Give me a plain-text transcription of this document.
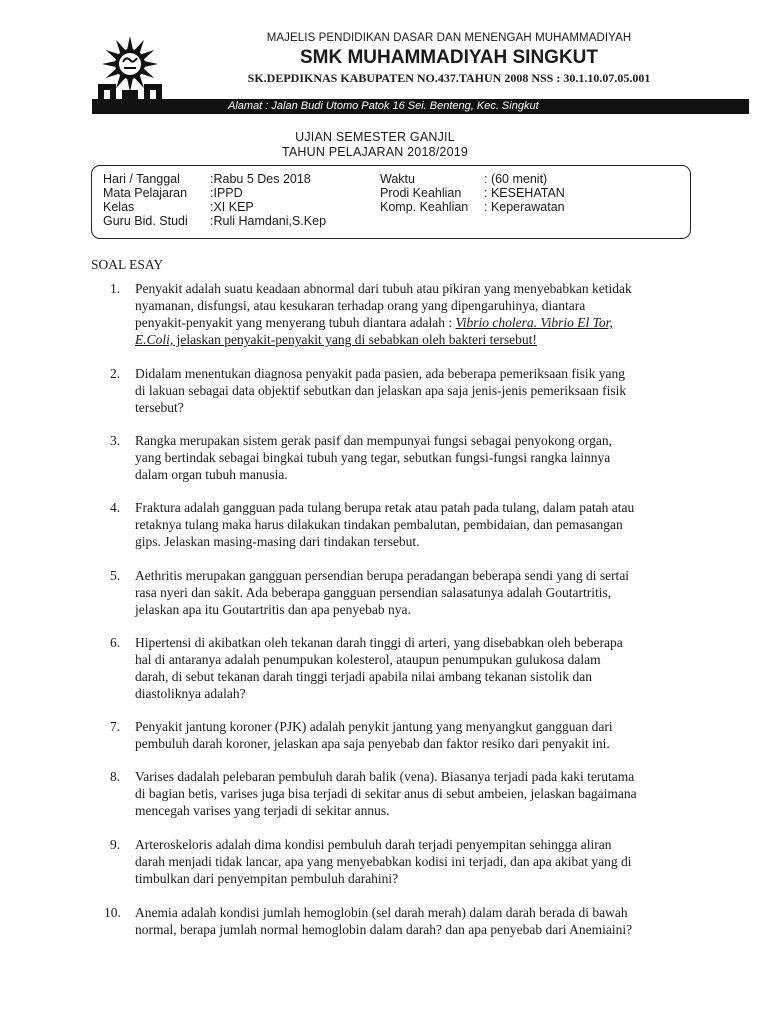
MAJELIS PENDIDIKAN DASAR DAN MENENGAH MUHAMMADIYAH
SMK MUHAMMADIYAH SINGKUT
SK.DEPDIKNAS KABUPATEN NO.437.TAHUN 2008 NSS : 30.1.10.07.05.001
Alamat : Jalan Budi Utomo Patok 16 Sei. Benteng, Kec. Singkut
UJIAN SEMESTER GANJIL
TAHUN PELAJARAN 2018/2019
Hari / Tanggal :Rabu 5 Des 2018	Waktu	: (60 menit)
Mata Pelajaran :IPPD	Prodi Keahlian : KESEHATAN
Kelas	:XI KEP	Komp. Keahlian : Keperawatan
Guru Bid. Studi :Ruli Hamdani,S.Kep
SOAL ESAY
1. Penyakit adalah suatu keadaan abnormal dari tubuh atau pikiran yang menyebabkan ketidak
nyamanan, disfungsi, atau kesukaran terhadap orang yang dipengaruhinya, diantara
penyakit-penyakit yang menyerang tubuh diantara adalah : Vibrio cholera. Vibrio El Tor,
E.Coli, jelaskan penyakit-penyakit yang di sebabkan oleh bakteri tersebut!
2. Didalam menentukan diagnosa penyakit pada pasien, ada beberapa pemeriksaan fisik yang
di lakuan sebagai data objektif sebutkan dan jelaskan apa saja jenis-jenis pemeriksaan fisik
tersebut?
3. Rangka merupakan sistem gerak pasif dan mempunyai fungsi sebagai penyokong organ,
yang bertindak sebagai bingkai tubuh yang tegar, sebutkan fungsi-fungsi rangka lainnya
dalam organ tubuh manusia.
4. Fraktura adalah gangguan pada tulang berupa retak atau patah pada tulang, dalam patah atau
retaknya tulang maka harus dilakukan tindakan pembalutan, pembidaian, dan pemasangan
gips. Jelaskan masing-masing dari tindakan tersebut.
5. Aethritis merupakan gangguan persendian berupa peradangan beberapa sendi yang di sertai
rasa nyeri dan sakit. Ada beberapa gangguan persendian salasatunya adalah Goutartritis,
jelaskan apa itu Goutartritis dan apa penyebab nya.
6. Hipertensi di akibatkan oleh tekanan darah tinggi di arteri, yang disebabkan oleh beberapa
hal di antaranya adalah penumpukan kolesterol, ataupun penumpukan gulukosa dalam
darah, di sebut tekanan darah tinggi terjadi apabila nilai ambang tekanan sistolik dan
diastoliknya adalah?
7. Penyakit jantung koroner (PJK) adalah penykit jantung yang menyangkut gangguan dari
pembuluh darah koroner, jelaskan apa saja penyebab dan faktor resiko dari penyakit ini.
8. Varises dadalah pelebaran pembuluh darah balik (vena). Biasanya terjadi pada kaki terutama
di bagian betis, varises juga bisa terjadi di sekitar anus di sebut ambeien, jelaskan bagaimana
mencegah varises yang terjadi di sekitar annus.
9. Arteroskeloris adalah dima kondisi pembuluh darah terjadi penyempitan sehingga aliran
darah menjadi tidak lancar, apa yang menyebabkan kodisi ini terjadi, dan apa akibat yang di
timbulkan dari penyempitan pembuluh darahini?
10. Anemia adalah kondisi jumlah hemoglobin (sel darah merah) dalam darah berada di bawah
normal, berapa jumlah normal hemoglobin dalam darah? dan apa penyebab dari Anemiaini?
